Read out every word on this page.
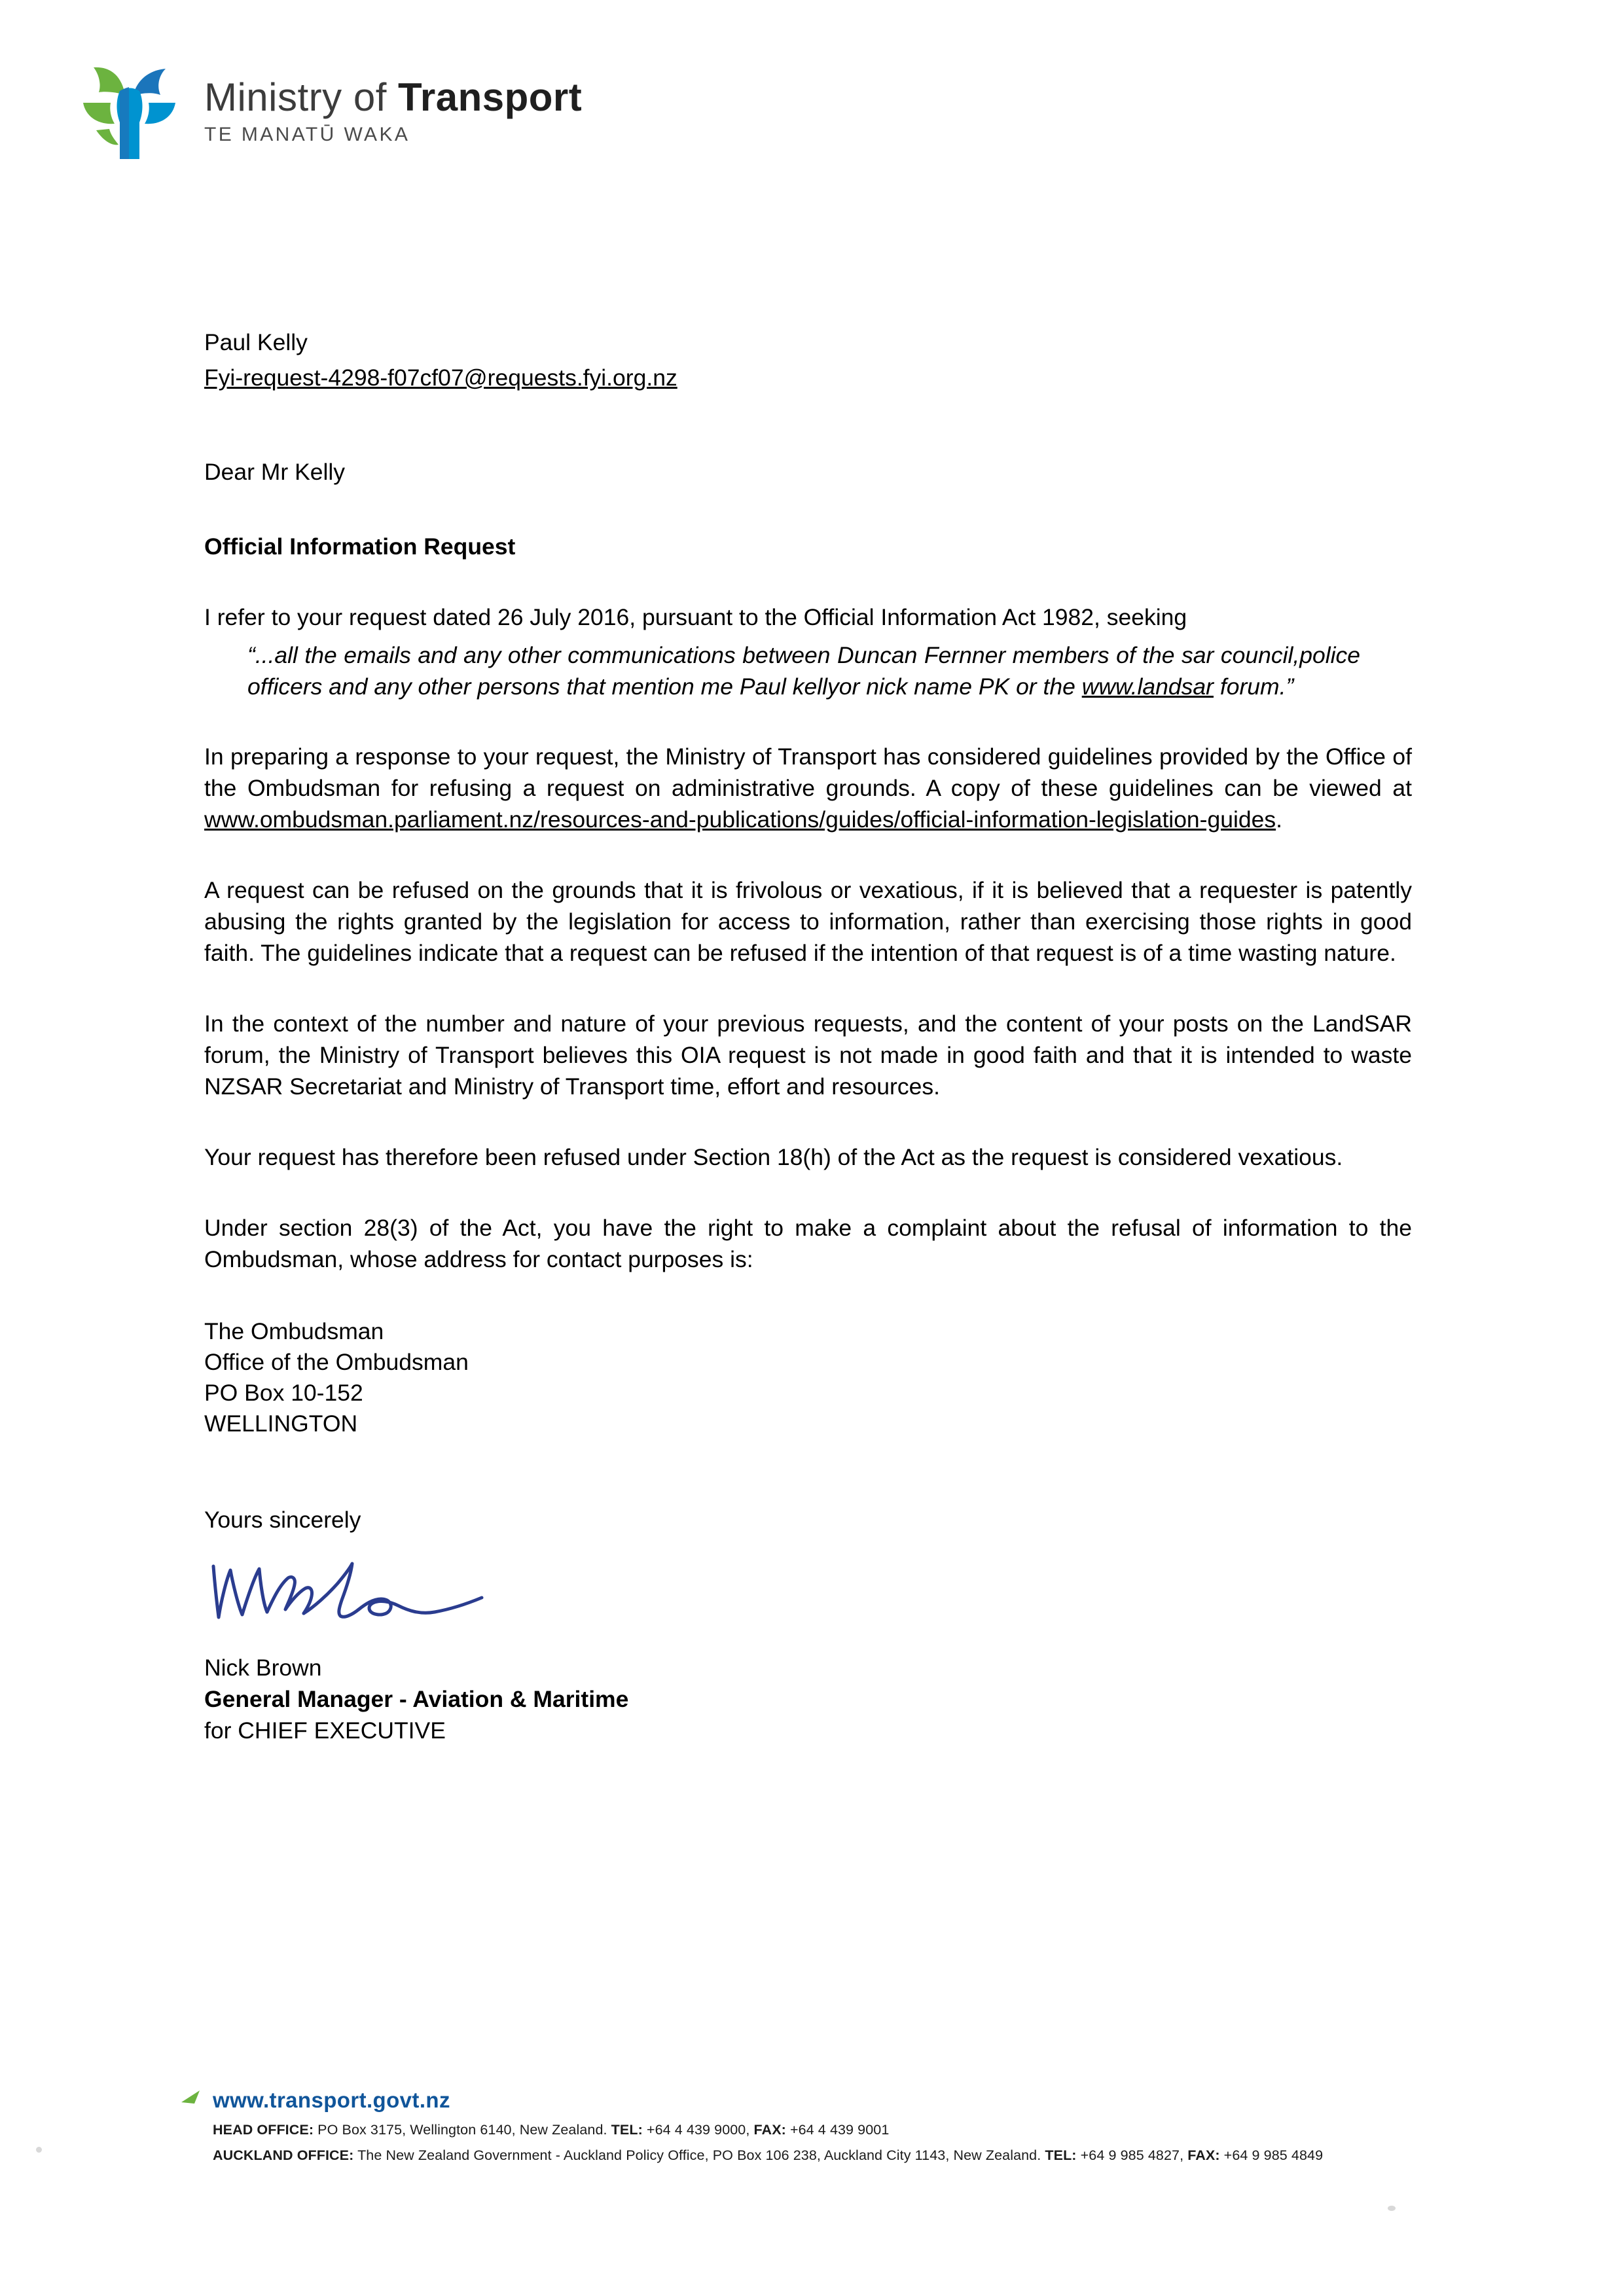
Ministry of Transport
TE MANATŪ WAKA
Paul Kelly
Fyi-request-4298-f07cf07@requests.fyi.org.nz
Dear Mr Kelly
Official Information Request

I refer to your request dated 26 July 2016, pursuant to the Official Information Act 1982, seeking

“...all the emails and any other communications between Duncan Fernner members of the sar council,police officers and any other persons that mention me Paul kellyor nick name PK or the www.landsar forum.”

In preparing a response to your request, the Ministry of Transport has considered guidelines provided by the Office of the Ombudsman for refusing a request on administrative grounds. A copy of these guidelines can be viewed at www.ombudsman.parliament.nz/resources-and-publications/guides/official-information-legislation-guides.

A request can be refused on the grounds that it is frivolous or vexatious, if it is believed that a requester is patently abusing the rights granted by the legislation for access to information, rather than exercising those rights in good faith. The guidelines indicate that a request can be refused if the intention of that request is of a time wasting nature.

In the context of the number and nature of your previous requests, and the content of your posts on the LandSAR forum, the Ministry of Transport believes this OIA request is not made in good faith and that it is intended to waste NZSAR Secretariat and Ministry of Transport time, effort and resources.

Your request has therefore been refused under Section 18(h) of the Act as the request is considered vexatious.

Under section 28(3) of the Act, you have the right to make a complaint about the refusal of information to the Ombudsman, whose address for contact purposes is:

The Ombudsman
Office of the Ombudsman
PO Box 10-152
WELLINGTON
Yours sincerely
Nick Brown
General Manager - Aviation & Maritime
for CHIEF EXECUTIVE
www.transport.govt.nz
HEAD OFFICE: PO Box 3175, Wellington 6140, New Zealand. TEL: +64 4 439 9000, FAX: +64 4 439 9001
AUCKLAND OFFICE: The New Zealand Government - Auckland Policy Office, PO Box 106 238, Auckland City 1143, New Zealand. TEL: +64 9 985 4827, FAX: +64 9 985 4849
